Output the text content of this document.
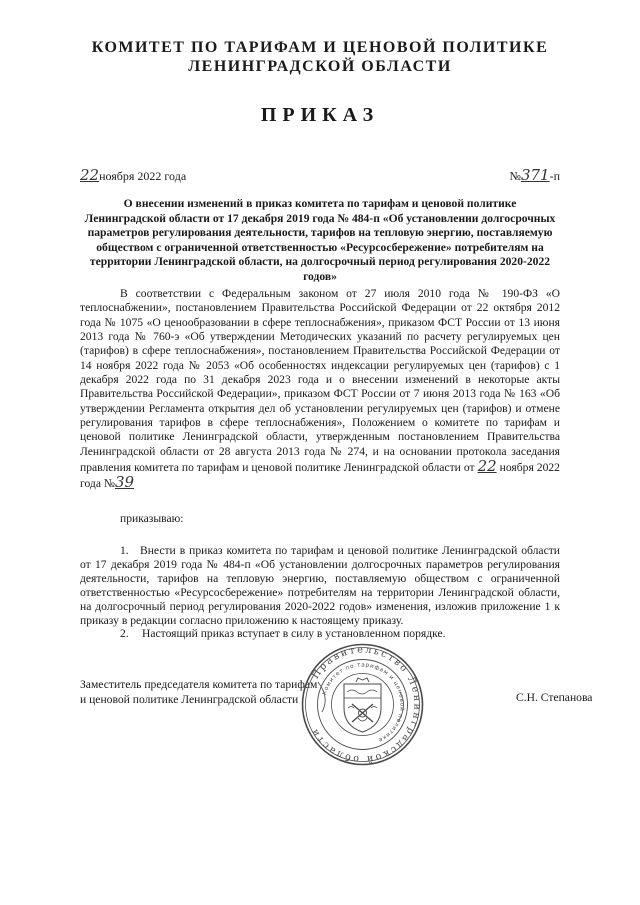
КОМИТЕТ ПО ТАРИФАМ И ЦЕНОВОЙ ПОЛИТИКЕ
ЛЕНИНГРАДСКОЙ ОБЛАСТИ
ПРИКАЗ
22ноября 2022 года	№371-п
О внесении изменений в приказ комитета по тарифам и ценовой политике Ленинградской области от 17 декабря 2019 года № 484-п «Об установлении долгосрочных параметров регулирования деятельности, тарифов на тепловую энергию, поставляемую обществом с ограниченной ответственностью «Ресурсосбережение» потребителям на территории Ленинградской области, на долгосрочный период регулирования 2020-2022 годов»
В соответствии с Федеральным законом от 27 июля 2010 года № 190-ФЗ «О теплоснабжении», постановлением Правительства Российской Федерации от 22 октября 2012 года № 1075 «О ценообразовании в сфере теплоснабжения», приказом ФСТ России от 13 июня 2013 года № 760-э «Об утверждении Методических указаний по расчету регулируемых цен (тарифов) в сфере теплоснабжения», постановлением Правительства Российской Федерации от 14 ноября 2022 года № 2053 «Об особенностях индексации регулируемых цен (тарифов) с 1 декабря 2022 года по 31 декабря 2023 года и о внесении изменений в некоторые акты Правительства Российской Федерации», приказом ФСТ России от 7 июня 2013 года № 163 «Об утверждении Регламента открытия дел об установлении регулируемых цен (тарифов) и отмене регулирования тарифов в сфере теплоснабжения», Положением о комитете по тарифам и ценовой политике Ленинградской области, утвержденным постановлением Правительства Ленинградской области от 28 августа 2013 года № 274, и на основании протокола заседания правления комитета по тарифам и ценовой политике Ленинградской области от 22 ноября 2022 года №39
приказываю:

1. Внести в приказ комитета по тарифам и ценовой политике Ленинградской области от 17 декабря 2019 года № 484-п «Об установлении долгосрочных параметров регулирования деятельности, тарифов на тепловую энергию, поставляемую обществом с ограниченной ответственностью «Ресурсосбережение» потребителям на территории Ленинградской области, на долгосрочный период регулирования 2020-2022 годов» изменения, изложив приложение 1 к приказу в редакции согласно приложению к настоящему приказу.

2. Настоящий приказ вступает в силу в установленном порядке.

Заместитель председателя комитета по тарифам
и ценовой политике Ленинградской области
Правительство Ленинградской области
Комитет по тарифам и ценовой политике
С.Н. Степанова
